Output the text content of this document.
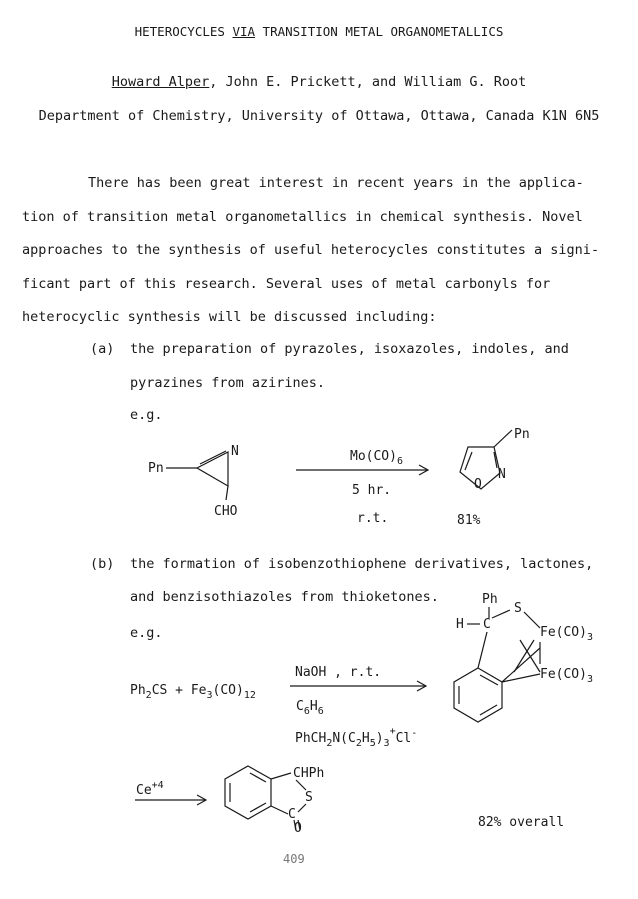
HETEROCYCLES VIA TRANSITION METAL ORGANOMETALLICS
Howard Alper, John E. Prickett, and William G. Root
Department of Chemistry, University of Ottawa, Ottawa, Canada K1N 6N5
There has been great interest in recent years in the applica-
tion of transition metal organometallics in chemical synthesis. Novel
approaches to the synthesis of useful heterocycles constitutes a signi-
ficant part of this research. Several uses of metal carbonyls for
heterocyclic synthesis will be discussed including:
(a) the preparation of pyrazoles, isoxazoles, indoles, and
pyrazines from azirines.
e.g.
Pn
N
CHO
$Mo(CO)_6$
5 hr.
r.t.
Pn
O
N
81%
(b) the formation of isobenzothiophene derivatives, lactones,
and benzisothiazoles from thioketones.
e.g.
$Ph_2CS + Fe_3(CO)_{12}$
NaOH , r.t.
$C_6H_6$
$PhCH_2N(C_2H_5)_3^+Cl^-$
Ph
H C
S
$Fe(CO)_3$
$Fe(CO)_3$
$Ce^{+4}$
CHPh
S
C
O	82% overall
409
